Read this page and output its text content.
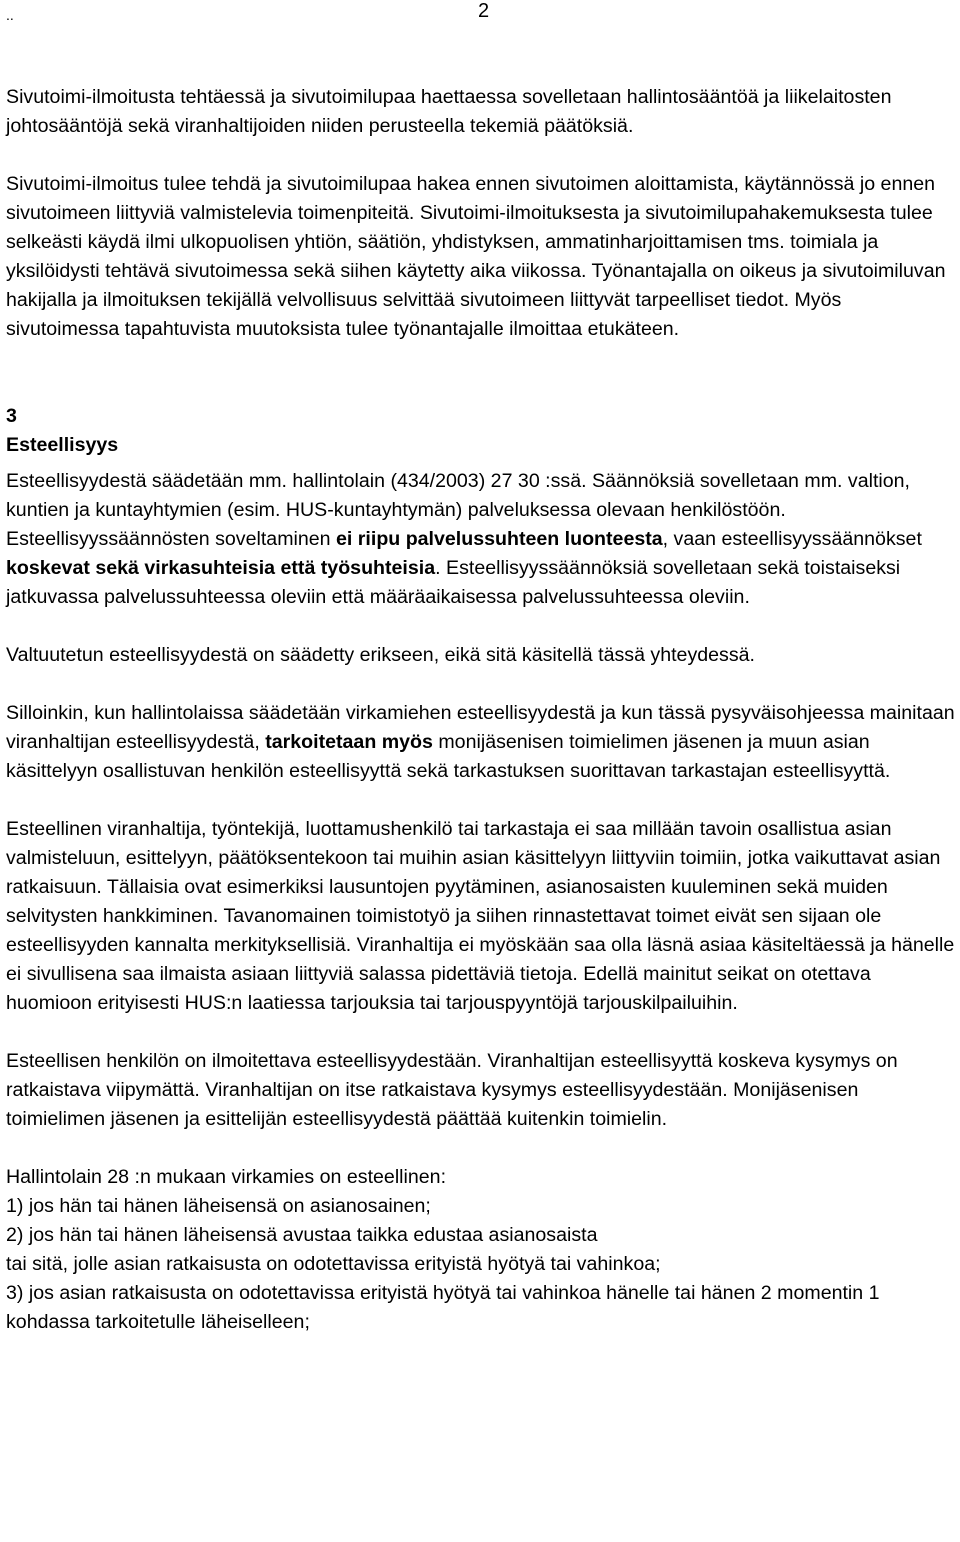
..	2

Sivutoimi-ilmoitusta tehtäessä ja sivutoimilupaa haettaessa sovelletaan hallintosääntöä ja liikelaitosten johtosääntöjä sekä viranhaltijoiden niiden perusteella tekemiä päätöksiä.

Sivutoimi-ilmoitus tulee tehdä ja sivutoimilupaa hakea ennen sivutoimen aloittamista, käytännössä jo ennen sivutoimeen liittyviä valmistelevia toimenpiteitä. Sivutoimi-ilmoituksesta ja sivutoimilupahakemuksesta tulee selkeästi käydä ilmi ulkopuolisen yhtiön, säätiön, yhdistyksen, ammatinharjoittamisen tms. toimiala ja yksilöidysti tehtävä sivutoimessa sekä siihen käytetty aika viikossa. Työnantajalla on oikeus ja sivutoimiluvan hakijalla ja ilmoituksen tekijällä velvollisuus selvittää sivutoimeen liittyvät tarpeelliset tiedot. Myös sivutoimessa tapahtuvista muutoksista tulee työnantajalle ilmoittaa etukäteen.

3

Esteellisyys

Esteellisyydestä säädetään mm. hallintolain (434/2003) 27 30 :ssä. Säännöksiä sovelletaan mm. valtion, kuntien ja kuntayhtymien (esim. HUS-kuntayhtymän) palveluksessa olevaan henkilöstöön. Esteellisyyssäännösten soveltaminen ei riipu palvelussuhteen luonteesta, vaan esteellisyyssäännökset koskevat sekä virkasuhteisia että työsuhteisia. Esteellisyyssäännöksiä sovelletaan sekä toistaiseksi jatkuvassa palvelussuhteessa oleviin että määräaikaisessa palvelussuhteessa oleviin.

Valtuutetun esteellisyydestä on säädetty erikseen, eikä sitä käsitellä tässä yhteydessä.

Silloinkin, kun hallintolaissa säädetään virkamiehen esteellisyydestä ja kun tässä pysyväisohjeessa mainitaan viranhaltijan esteellisyydestä, tarkoitetaan myös monijäsenisen toimielimen jäsenen ja muun asian käsittelyyn osallistuvan henkilön esteellisyyttä sekä tarkastuksen suorittavan tarkastajan esteellisyyttä.

Esteellinen viranhaltija, työntekijä, luottamushenkilö tai tarkastaja ei saa millään tavoin osallistua asian valmisteluun, esittelyyn, päätöksentekoon tai muihin asian käsittelyyn liittyviin toimiin, jotka vaikuttavat asian ratkaisuun. Tällaisia ovat esimerkiksi lausuntojen pyytäminen, asianosaisten kuuleminen sekä muiden selvitysten hankkiminen. Tavanomainen toimistotyö ja siihen rinnastettavat toimet eivät sen sijaan ole esteellisyyden kannalta merkityksellisiä. Viranhaltija ei myöskään saa olla läsnä asiaa käsiteltäessä ja hänelle ei sivullisena saa ilmaista asiaan liittyviä salassa pidettäviä tietoja. Edellä mainitut seikat on otettava huomioon erityisesti HUS:n laatiessa tarjouksia tai tarjouspyyntöjä tarjouskilpailuihin.

Esteellisen henkilön on ilmoitettava esteellisyydestään. Viranhaltijan esteellisyyttä koskeva kysymys on ratkaistava viipymättä. Viranhaltijan on itse ratkaistava kysymys esteellisyydestään. Monijäsenisen toimielimen jäsenen ja esittelijän esteellisyydestä päättää kuitenkin toimielin.

Hallintolain 28 :n mukaan virkamies on esteellinen:

1) jos hän tai hänen läheisensä on asianosainen;

2) jos hän tai hänen läheisensä avustaa taikka edustaa asianosaista

tai sitä, jolle asian ratkaisusta on odotettavissa erityistä hyötyä tai vahinkoa;

3) jos asian ratkaisusta on odotettavissa erityistä hyötyä tai vahinkoa hänelle tai hänen 2 momentin 1 kohdassa tarkoitetulle läheiselleen;
